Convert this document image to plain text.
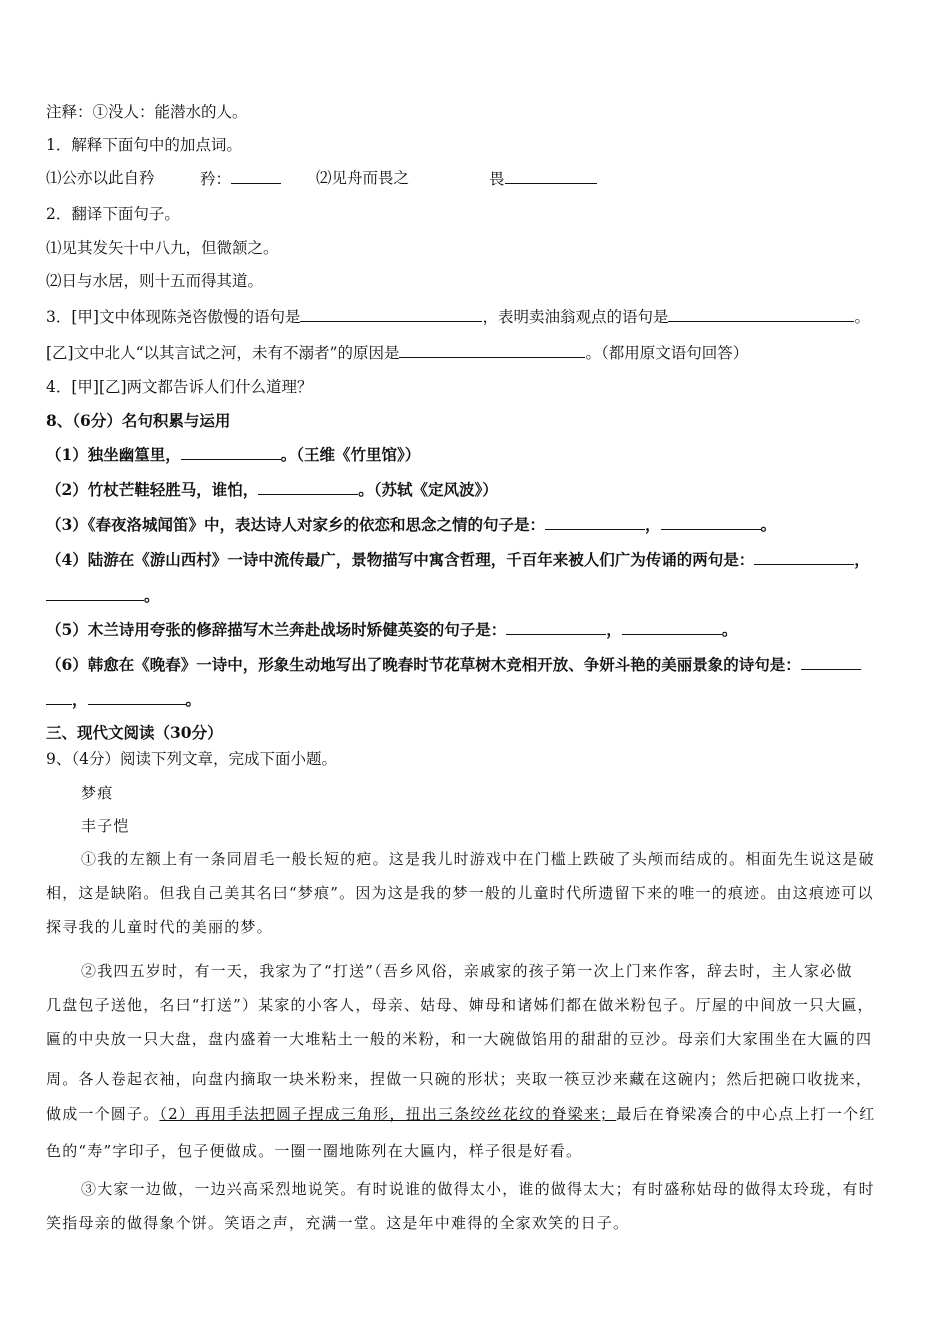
注释：①没人：能潜水的人。
1．解释下面句中的加点词。
⑴公亦以此自矜	矜：	⑵见舟而畏之	畏
2．翻译下面句子。
⑴见其发矢十中八九，但微颔之。
⑵日与水居，则十五而得其道。
3．[甲]文中体现陈尧咨傲慢的语句是	，表明卖油翁观点的语句是	。
[乙]文中北人“以其言试之河，未有不溺者”的原因是	。（都用原文语句回答）
4．[甲][乙]两文都告诉人们什么道理？
8、（6分）名句积累与运用
（1）独坐幽篁里，	。（王维《竹里馆》）
（2）竹杖芒鞋轻胜马，谁怕，	。（苏轼《定风波》）
（3）《春夜洛城闻笛》中，表达诗人对家乡的依恋和思念之情的句子是：	，	。
（4）陆游在《游山西村》一诗中流传最广，景物描写中寓含哲理，千百年来被人们广为传诵的两句是：	，
。
（5）木兰诗用夸张的修辞描写木兰奔赴战场时矫健英姿的句子是：	，	。
（6）韩愈在《晚春》一诗中，形象生动地写出了晚春时节花草树木竞相开放、争妍斗艳的美丽景象的诗句是：
，	。
三、现代文阅读（30分）
9、（4分）阅读下列文章，完成下面小题。
梦痕
丰子恺
①我的左额上有一条同眉毛一般长短的疤。这是我儿时游戏中在门槛上跌破了头颅而结成的。相面先生说这是破
相，这是缺陷。但我自己美其名曰“梦痕”。因为这是我的梦一般的儿童时代所遗留下来的唯一的痕迹。由这痕迹可以
探寻我的儿童时代的美丽的梦。
②我四五岁时，有一天，我家为了“打送”（吾乡风俗，亲戚家的孩子第一次上门来作客，辞去时，主人家必做
几盘包子送他，名曰“打送”）某家的小客人，母亲、姑母、婶母和诸姊们都在做米粉包子。厅屋的中间放一只大匾，
匾的中央放一只大盘，盘内盛着一大堆粘土一般的米粉，和一大碗做馅用的甜甜的豆沙。母亲们大家围坐在大匾的四
周。各人卷起衣袖，向盘内摘取一块米粉来，捏做一只碗的形状；夹取一筷豆沙来藏在这碗内；然后把碗口收拢来，
做成一个圆子。（2）再用手法把圆子捏成三角形，扭出三条绞丝花纹的脊梁来；最后在脊梁凑合的中心点上打一个红
色的“寿”字印子，包子便做成。一圈一圈地陈列在大匾内，样子很是好看。
③大家一边做，一边兴高采烈地说笑。有时说谁的做得太小，谁的做得太大；有时盛称姑母的做得太玲珑，有时
笑指母亲的做得象个饼。笑语之声，充满一堂。这是年中难得的全家欢笑的日子。
